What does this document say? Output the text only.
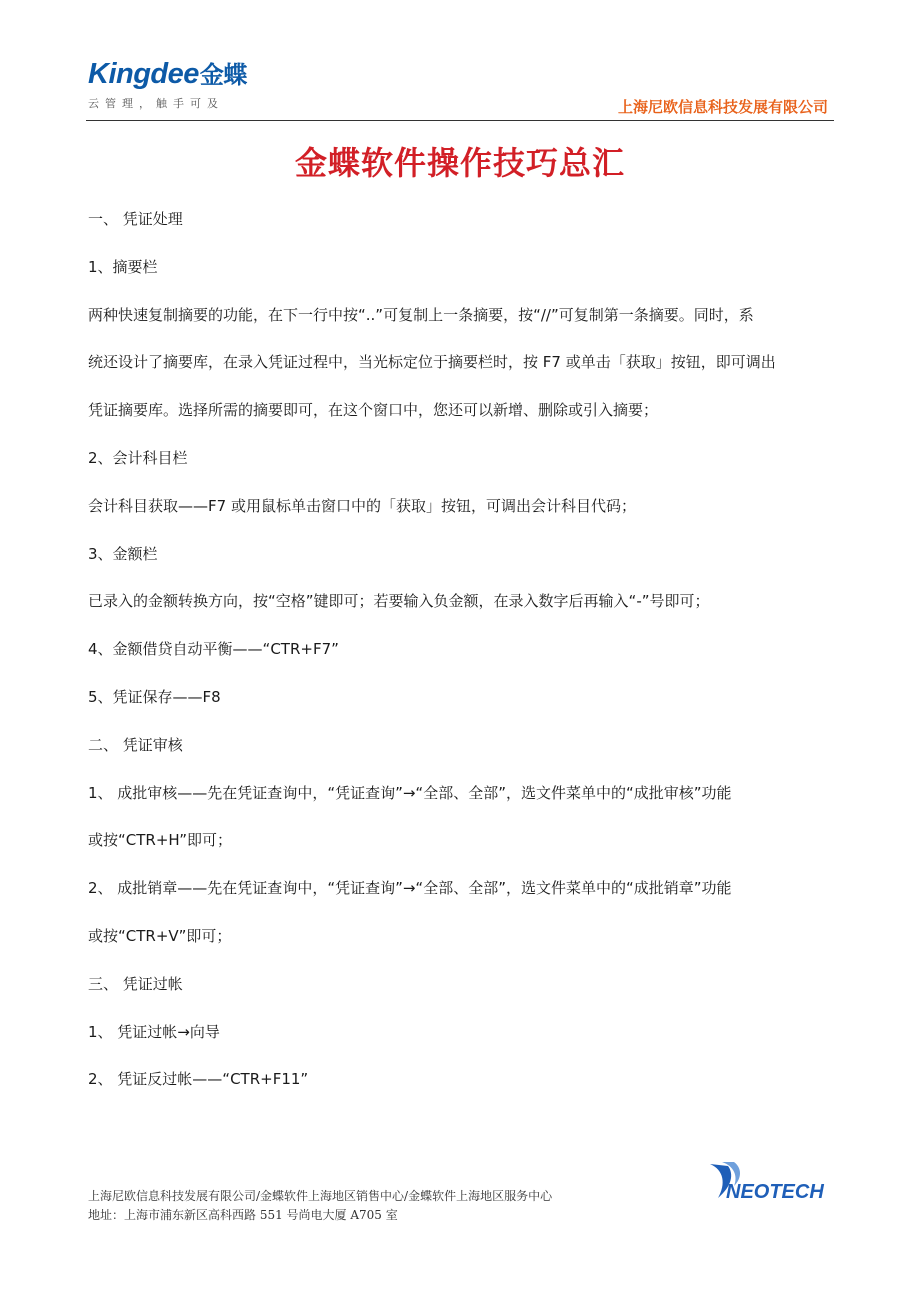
Kingdee金蝶
云管理，触手可及	上海尼欧信息科技发展有限公司
金蝶软件操作技巧总汇
一、 凭证处理
1、摘要栏
两种快速复制摘要的功能，在下一行中按“..”可复制上一条摘要，按“//”可复制第一条摘要。同时，系
统还设计了摘要库，在录入凭证过程中，当光标定位于摘要栏时，按 F7 或单击「获取」按钮，即可调出
凭证摘要库。选择所需的摘要即可，在这个窗口中，您还可以新增、删除或引入摘要；
2、会计科目栏
会计科目获取——F7 或用鼠标单击窗口中的「获取」按钮，可调出会计科目代码；
3、金额栏
已录入的金额转换方向，按“空格”键即可；若要输入负金额，在录入数字后再输入“-”号即可；
4、金额借贷自动平衡——“CTR+F7”
5、凭证保存——F8
二、 凭证审核
1、 成批审核——先在凭证查询中，“凭证查询”→“全部、全部”，选文件菜单中的“成批审核”功能
或按“CTR+H”即可；
2、 成批销章——先在凭证查询中，“凭证查询”→“全部、全部”，选文件菜单中的“成批销章”功能
或按“CTR+V”即可；
三、 凭证过帐
1、 凭证过帐→向导
2、 凭证反过帐——“CTR+F11”
上海尼欧信息科技发展有限公司/金蝶软件上海地区销售中心/金蝶软件上海地区服务中心
地址：上海市浦东新区高科西路 551 号尚电大厦 A705 室
NEOTECH
